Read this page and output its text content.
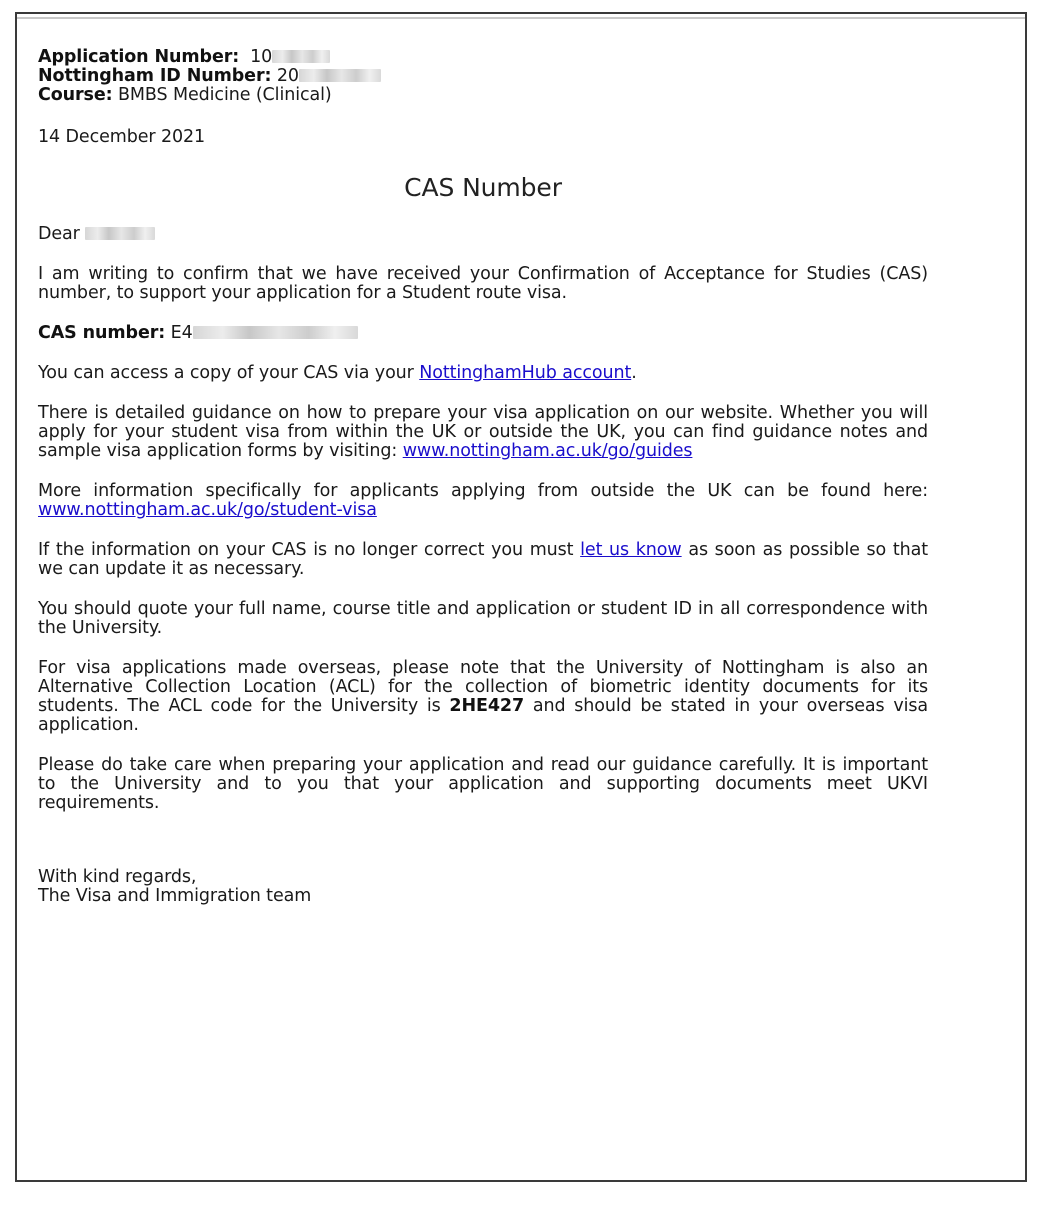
Application Number: 10

Nottingham ID Number: 20

Course: BMBS Medicine (Clinical)

14 December 2021

CAS Number

Dear

I am writing to confirm that we have received your Confirmation of Acceptance for Studies (CAS) number, to support your application for a Student route visa.

CAS number: E4

You can access a copy of your CAS via your NottinghamHub account.

There is detailed guidance on how to prepare your visa application on our website. Whether you will apply for your student visa from within the UK or outside the UK, you can find guidance notes and sample visa application forms by visiting: www.nottingham.ac.uk/go/guides

More information specifically for applicants applying from outside the UK can be found here: www.nottingham.ac.uk/go/student-visa

If the information on your CAS is no longer correct you must let us know as soon as possible so that we can update it as necessary.

You should quote your full name, course title and application or student ID in all correspondence with the University.

For visa applications made overseas, please note that the University of Nottingham is also an Alternative Collection Location (ACL) for the collection of biometric identity documents for its students. The ACL code for the University is 2HE427 and should be stated in your overseas visa application.

Please do take care when preparing your application and read our guidance carefully. It is important to the University and to you that your application and supporting documents meet UKVI requirements.

With kind regards,

The Visa and Immigration team
